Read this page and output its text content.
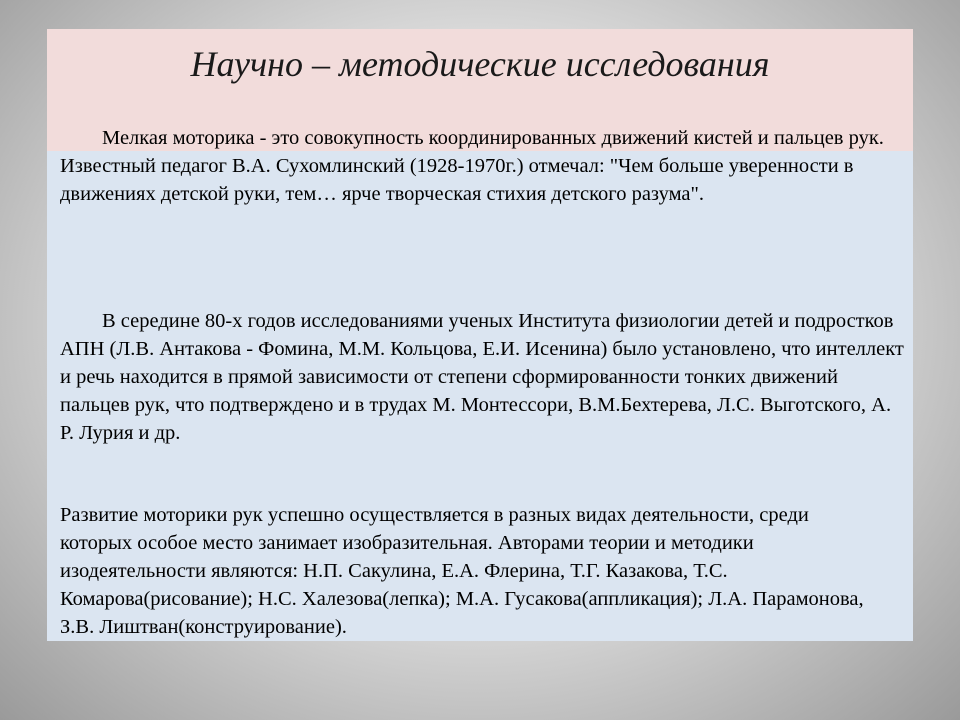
Научно – методические исследования

Мелкая моторика - это совокупность координированных движений кистей и пальцев рук. Известный педагог В.А. Сухомлинский (1928-1970г.) отмечал: "Чем больше уверенности в движениях детской руки, тем… ярче творческая стихия детского разума".

В середине 80-х годов исследованиями ученых Института физиологии детей и подростков АПН (Л.В. Антакова - Фомина, М.М. Кольцова, Е.И. Исенина) было установлено, что интеллект и речь находится в прямой зависимости от степени сформированности тонких движений пальцев рук, что подтверждено и в трудах М. Монтессори, В.М.Бехтерева, Л.С. Выготского, А. Р. Лурия и др.

Развитие моторики рук успешно осуществляется в разных видах деятельности, среди которых особое место занимает изобразительная. Авторами теории и методики изодеятельности являются: Н.П. Сакулина, Е.А. Флерина, Т.Г. Казакова, Т.С. Комарова(рисование); Н.С. Халезова(лепка); М.А. Гусакова(аппликация); Л.А. Парамонова, З.В. Лиштван(конструирование).
